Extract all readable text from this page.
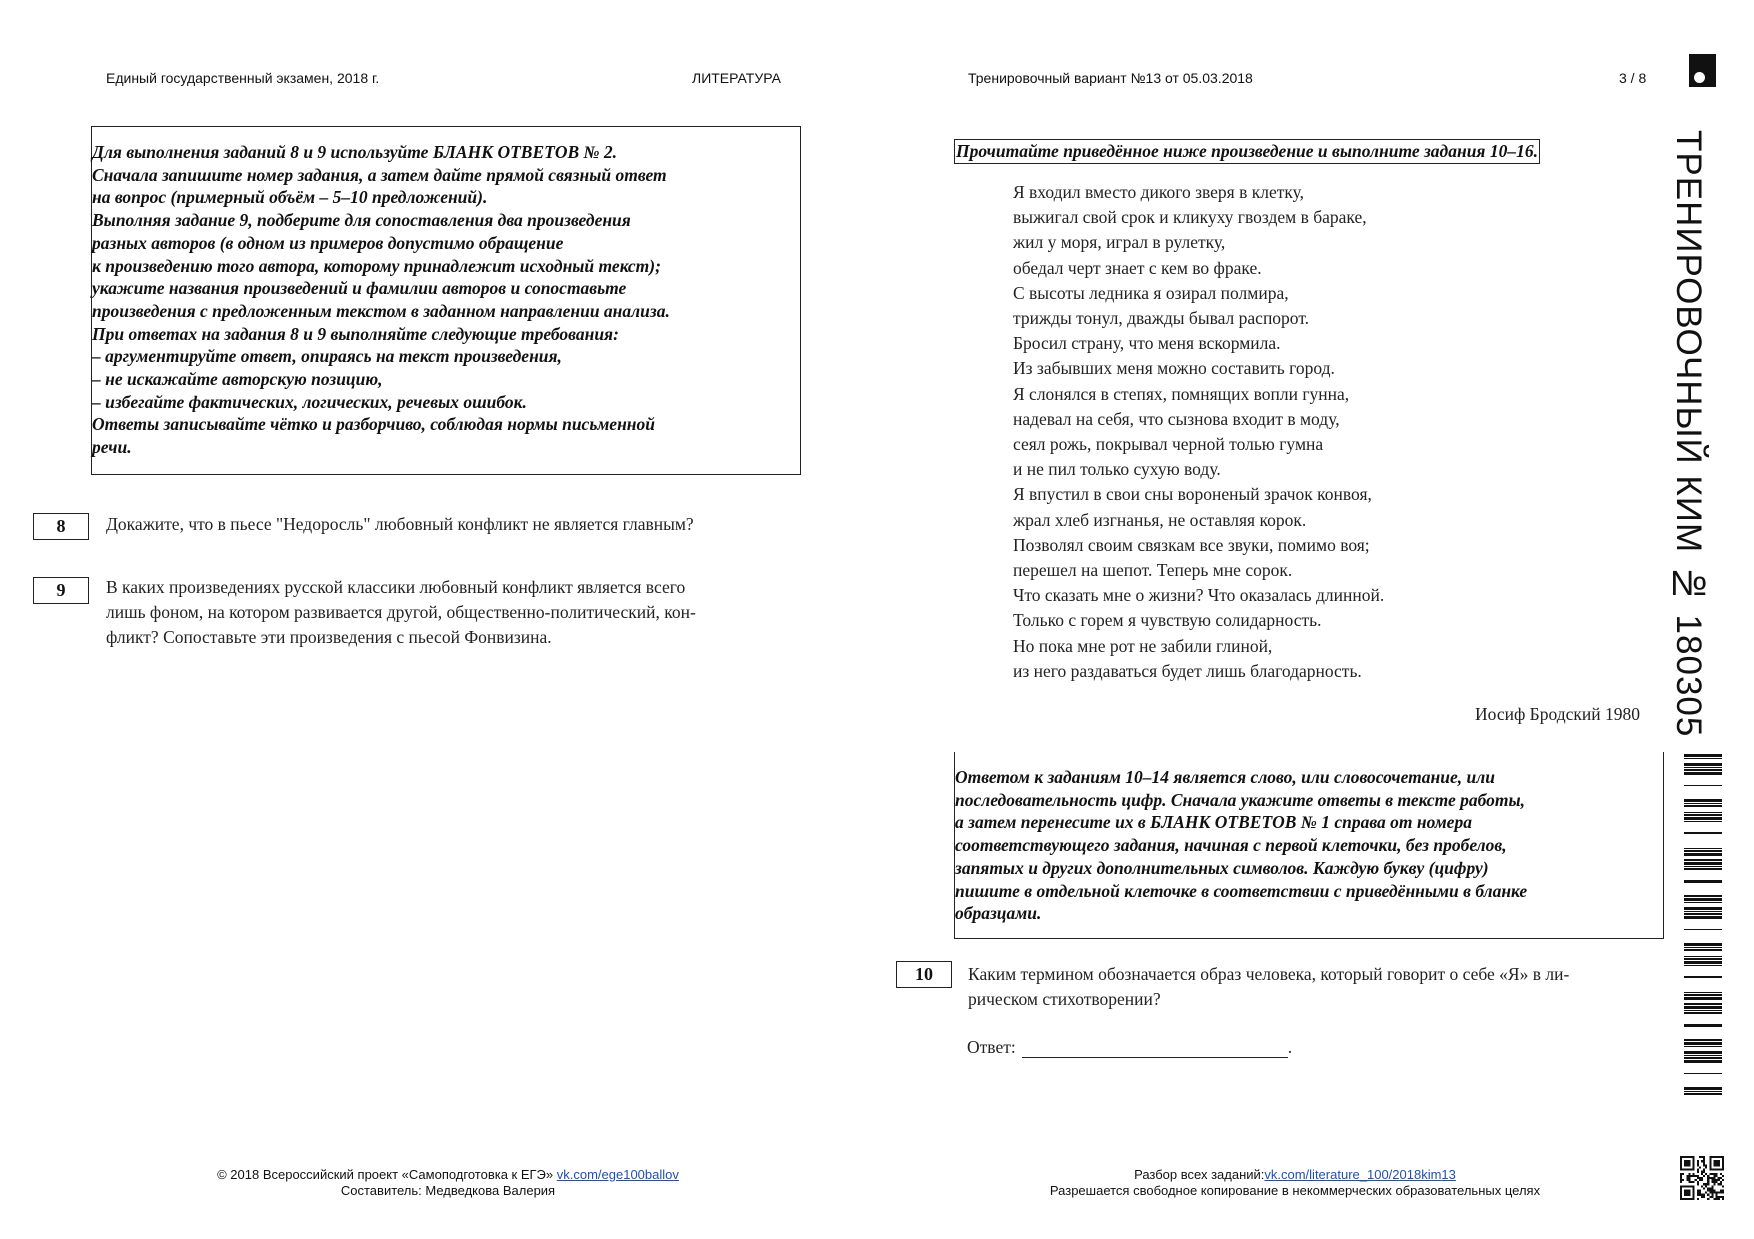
Единый государственный экзамен, 2018 г.	ЛИТЕРАТУРА	Тренировочный вариант №13 от 05.03.2018	3 / 8
ТРЕНИРОВОЧНЫЙ КИМ № 180305
Для выполнения заданий 8 и 9 используйте БЛАНК ОТВЕТОВ № 2.
Сначала запишите номер задания, а затем дайте прямой связный ответ
на вопрос (примерный объём – 5–10 предложений).
Выполняя задание 9, подберите для сопоставления два произведения
разных авторов (в одном из примеров допустимо обращение
к произведению того автора, которому принадлежит исходный текст);
укажите названия произведений и фамилии авторов и сопоставьте
произведения с предложенным текстом в заданном направлении анализа.
При ответах на задания 8 и 9 выполняйте следующие требования:
– аргументируйте ответ, опираясь на текст произведения,
– не искажайте авторскую позицию,
– избегайте фактических, логических, речевых ошибок.
Ответы записывайте чётко и разборчиво, соблюдая нормы письменной
речи.
8	Докажите, что в пьесе "Недоросль" любовный конфликт не является главным?
9	В каких произведениях русской классики любовный конфликт является всего
лишь фоном, на котором развивается другой, общественно-политический, кон-
фликт? Сопоставьте эти произведения с пьесой Фонвизина.
Прочитайте приведённое ниже произведение и выполните задания 10–16.
Я входил вместо дикого зверя в клетку,
выжигал свой срок и кликуху гвоздем в бараке,
жил у моря, играл в рулетку,
обедал черт знает с кем во фраке.
С высоты ледника я озирал полмира,
трижды тонул, дважды бывал распорот.
Бросил страну, что меня вскормила.
Из забывших меня можно составить город.
Я слонялся в степях, помнящих вопли гунна,
надевал на себя, что сызнова входит в моду,
сеял рожь, покрывал черной толью гумна
и не пил только сухую воду.
Я впустил в свои сны вороненый зрачок конвоя,
жрал хлеб изгнанья, не оставляя корок.
Позволял своим связкам все звуки, помимо воя;
перешел на шепот. Теперь мне сорок.
Что сказать мне о жизни? Что оказалась длинной.
Только с горем я чувствую солидарность.
Но пока мне рот не забили глиной,
из него раздаваться будет лишь благодарность.
Иосиф Бродский 1980
Ответом к заданиям 10–14 является слово, или словосочетание, или
последовательность цифр. Сначала укажите ответы в тексте работы,
а затем перенесите их в БЛАНК ОТВЕТОВ № 1 справа от номера
соответствующего задания, начиная с первой клеточки, без пробелов,
запятых и других дополнительных символов. Каждую букву (цифру)
пишите в отдельной клеточке в соответствии с приведёнными в бланке
образцами.
10	Каким термином обозначается образ человека, который говорит о себе «Я» в ли-
рическом стихотворении?
Ответ:	.
© 2018 Всероссийский проект «Самоподготовка к ЕГЭ» vk.com/ege100ballov
Составитель: Медведкова Валерия
Разбор всех заданий:vk.com/literature_100/2018kim13
Разрешается свободное копирование в некоммерческих образовательных целях
